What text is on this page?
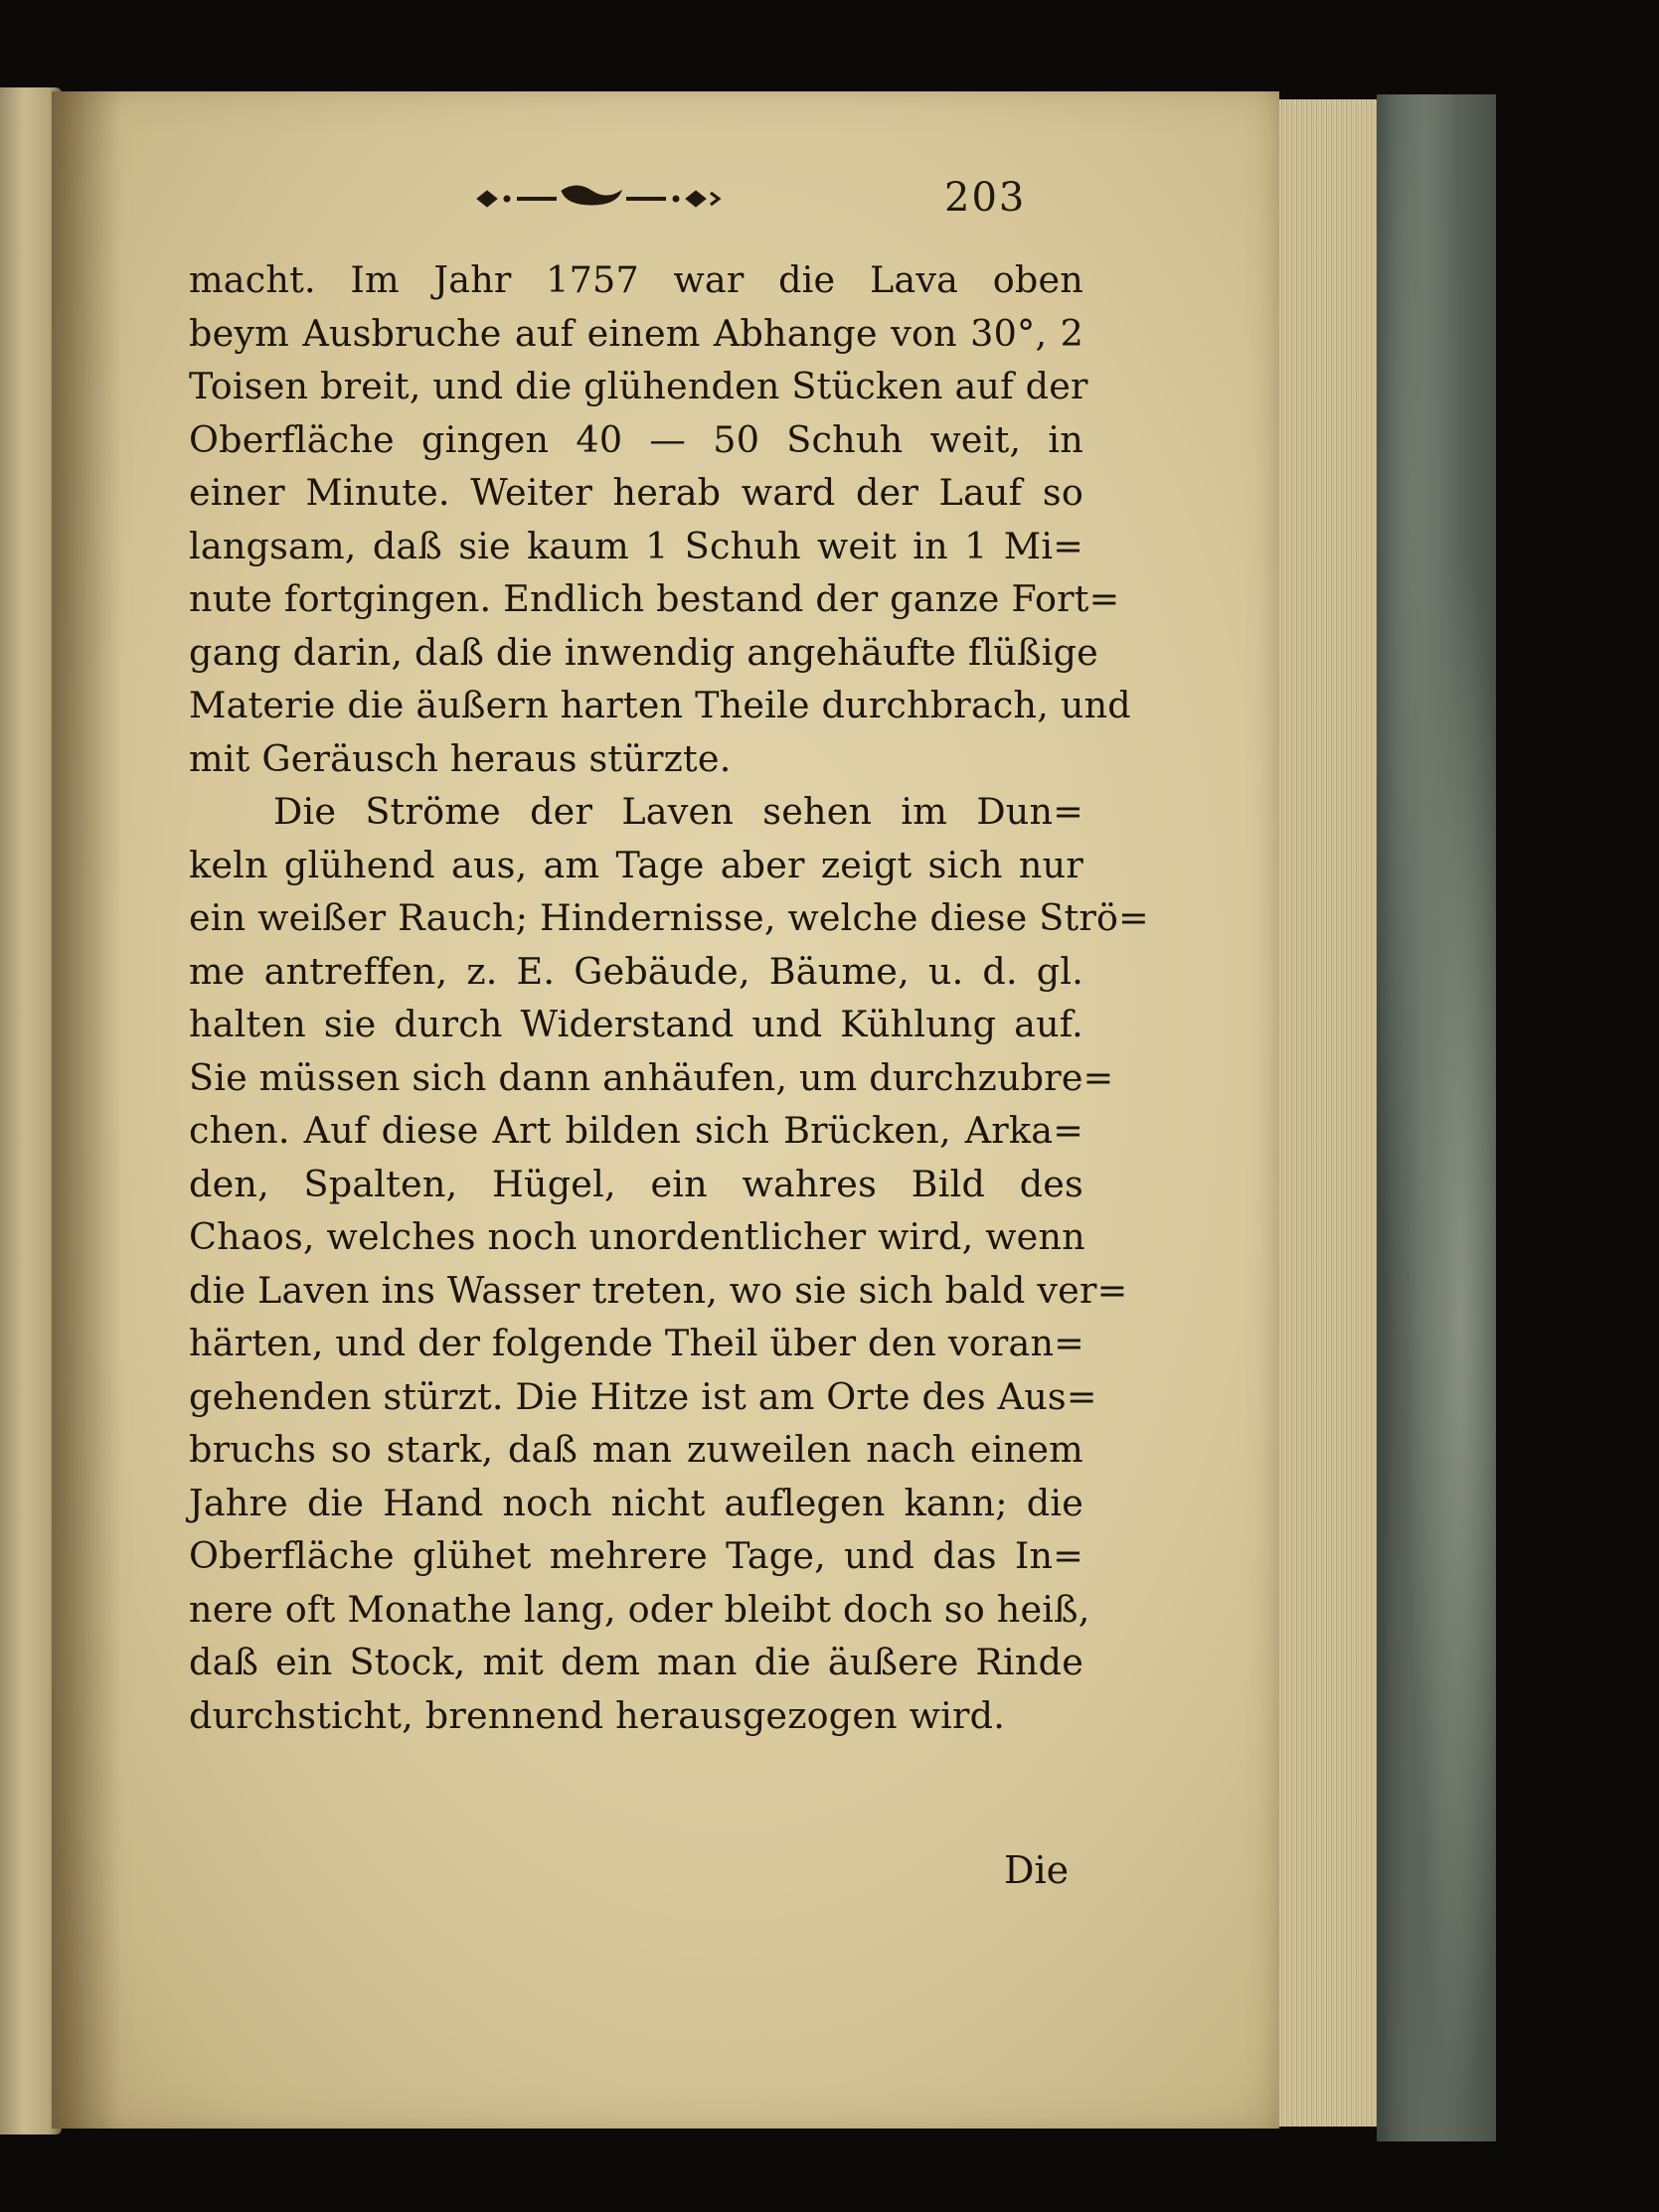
203
macht. Im Jahr 1757 war die Lava oben
beym Ausbruche auf einem Abhange von 30°, 2
Toisen breit, und die glühenden Stücken auf der
Oberfläche gingen 40 — 50 Schuh weit, in
einer Minute. Weiter herab ward der Lauf so
langsam, daß sie kaum 1 Schuh weit in 1 Mi=
nute fortgingen. Endlich bestand der ganze Fort=
gang darin, daß die inwendig angehäufte flüßige
Materie die äußern harten Theile durchbrach, und
mit Geräusch heraus stürzte.
Die Ströme der Laven sehen im Dun=
keln glühend aus, am Tage aber zeigt sich nur
ein weißer Rauch; Hindernisse, welche diese Strö=
me antreffen, z. E. Gebäude, Bäume, u. d. gl.
halten sie durch Widerstand und Kühlung auf.
Sie müssen sich dann anhäufen, um durchzubre=
chen. Auf diese Art bilden sich Brücken, Arka=
den, Spalten, Hügel, ein wahres Bild des
Chaos, welches noch unordentlicher wird, wenn
die Laven ins Wasser treten, wo sie sich bald ver=
härten, und der folgende Theil über den voran=
gehenden stürzt. Die Hitze ist am Orte des Aus=
bruchs so stark, daß man zuweilen nach einem
Jahre die Hand noch nicht auflegen kann; die
Oberfläche glühet mehrere Tage, und das In=
nere oft Monathe lang, oder bleibt doch so heiß,
daß ein Stock, mit dem man die äußere Rinde
durchsticht, brennend herausgezogen wird.
Die
